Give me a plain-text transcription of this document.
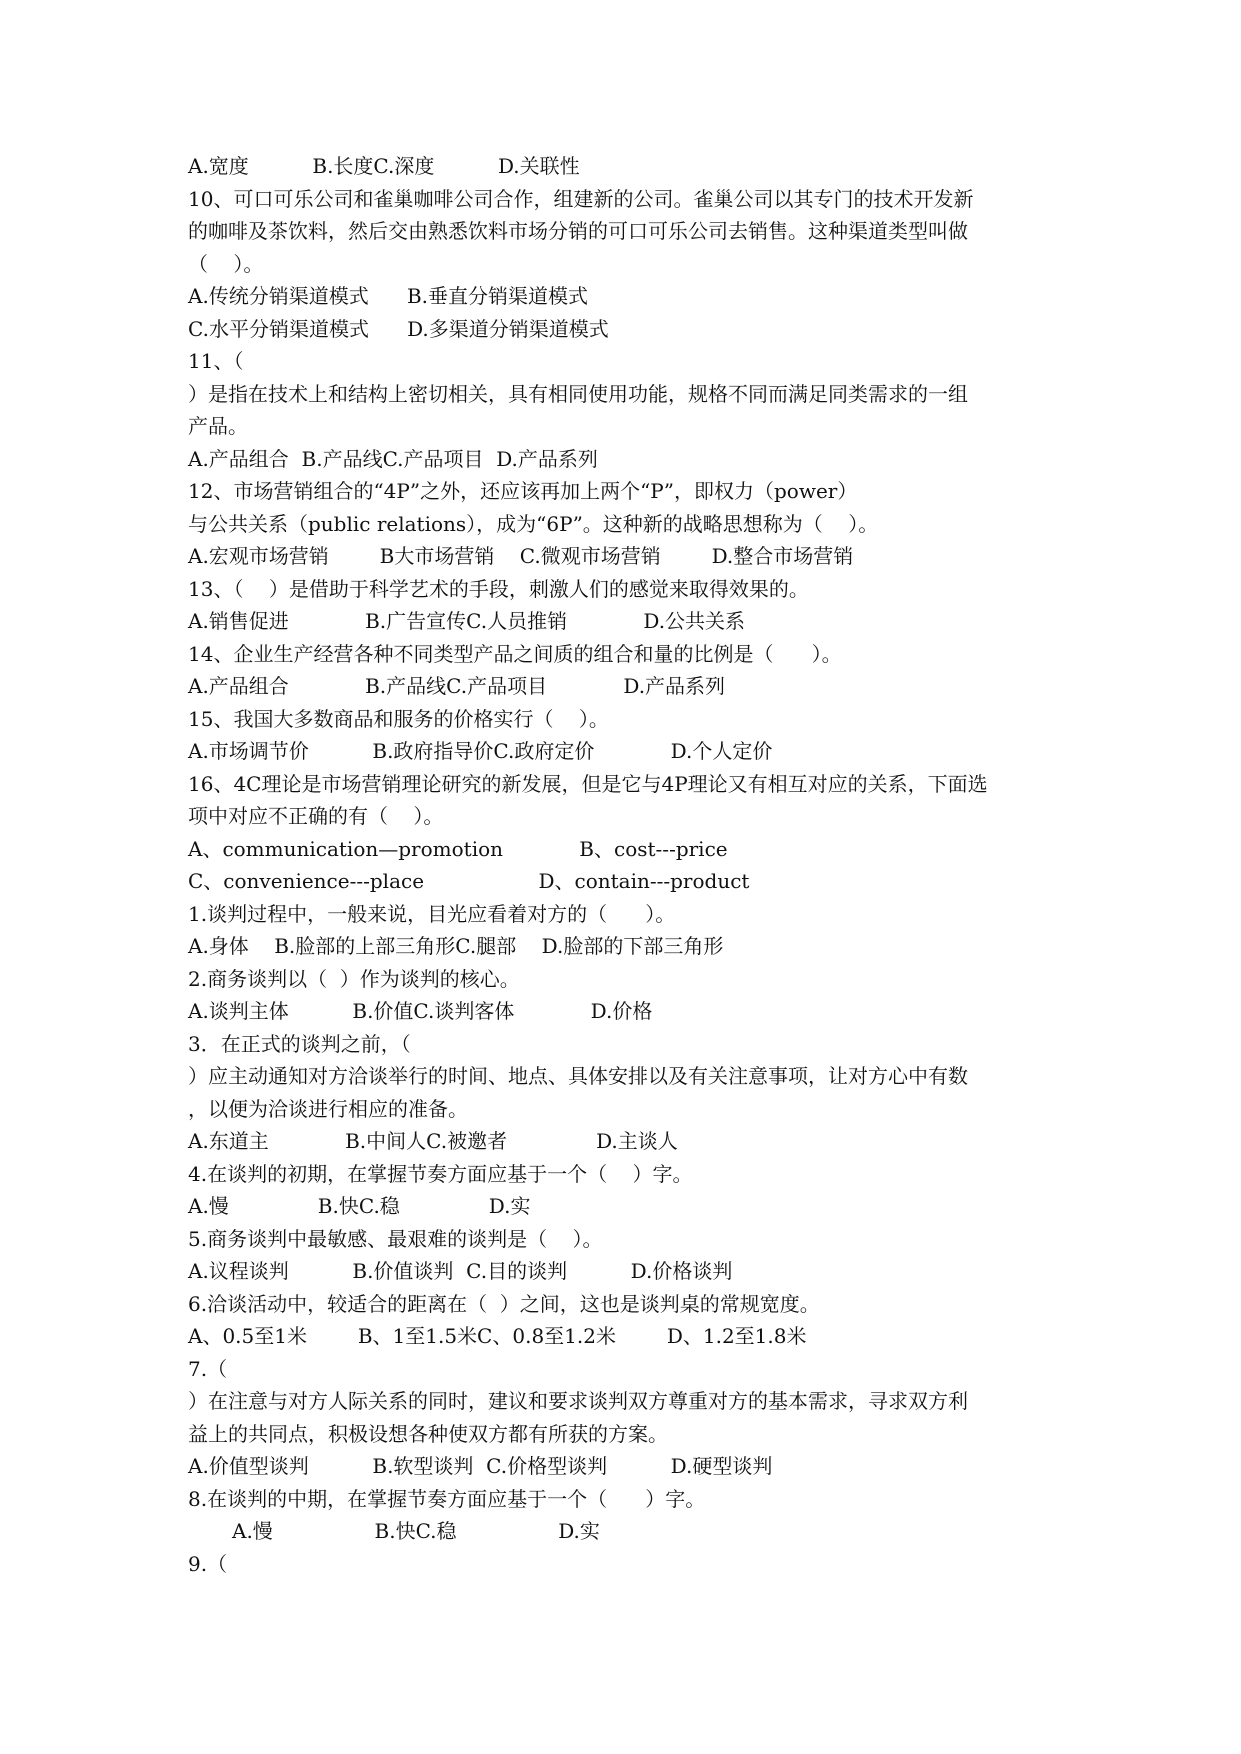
A.宽度          B.长度C.深度          D.关联性
10、可口可乐公司和雀巢咖啡公司合作，组建新的公司。雀巢公司以其专门的技术开发新
的咖啡及茶饮料，然后交由熟悉饮料市场分销的可口可乐公司去销售。这种渠道类型叫做
（    ）。
A.传统分销渠道模式      B.垂直分销渠道模式
C.水平分销渠道模式      D.多渠道分销渠道模式
11、（
）是指在技术上和结构上密切相关，具有相同使用功能，规格不同而满足同类需求的一组
产品。
A.产品组合  B.产品线C.产品项目  D.产品系列
12、市场营销组合的“4P”之外，还应该再加上两个“P”，即权力（power）
与公共关系（public relations），成为“6P”。这种新的战略思想称为（    ）。
A.宏观市场营销        B大市场营销    C.微观市场营销        D.整合市场营销
13、（    ）是借助于科学艺术的手段，刺激人们的感觉来取得效果的。
A.销售促进            B.广告宣传C.人员推销            D.公共关系
14、企业生产经营各种不同类型产品之间质的组合和量的比例是（      ）。
A.产品组合            B.产品线C.产品项目            D.产品系列
15、我国大多数商品和服务的价格实行（    ）。
A.市场调节价          B.政府指导价C.政府定价            D.个人定价
16、4C理论是市场营销理论研究的新发展，但是它与4P理论又有相互对应的关系，下面选
项中对应不正确的有（    ）。
A、communication—promotion            B、cost---price
C、convenience---place                  D、contain---product
1.谈判过程中，一般来说，目光应看着对方的（      ）。
A.身体    B.脸部的上部三角形C.腿部    D.脸部的下部三角形
2.商务谈判以（  ）作为谈判的核心。
A.谈判主体          B.价值C.谈判客体            D.价格
3．在正式的谈判之前，（
）应主动通知对方洽谈举行的时间、地点、具体安排以及有关注意事项，让对方心中有数
，以便为洽谈进行相应的准备。
A.东道主            B.中间人C.被邀者              D.主谈人
4.在谈判的初期，在掌握节奏方面应基于一个（    ）字。
A.慢              B.快C.稳              D.实
5.商务谈判中最敏感、最艰难的谈判是（    ）。
A.议程谈判          B.价值谈判  C.目的谈判          D.价格谈判
6.洽谈活动中，较适合的距离在（  ）之间，这也是谈判桌的常规宽度。
A、0.5至1米        B、1至1.5米C、0.8至1.2米        D、1.2至1.8米
7.（
）在注意与对方人际关系的同时，建议和要求谈判双方尊重对方的基本需求，寻求双方利
益上的共同点，积极设想各种使双方都有所获的方案。
A.价值型谈判          B.软型谈判  C.价格型谈判          D.硬型谈判
8.在谈判的中期，在掌握节奏方面应基于一个（      ）字。
A.慢                B.快C.稳                D.实
9.（
